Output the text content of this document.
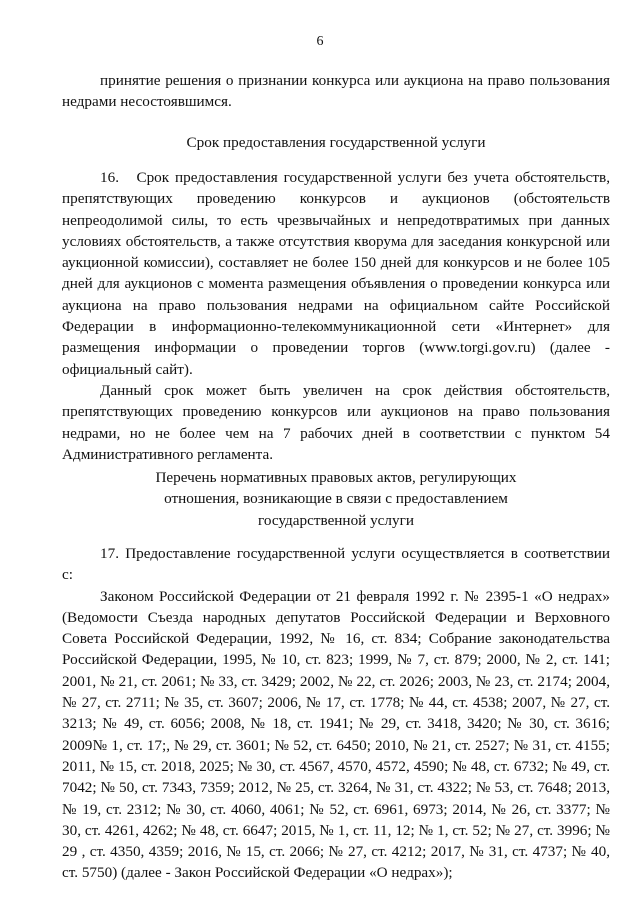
6

принятие решения о признании конкурса или аукциона на право пользования недрами несостоявшимся.

Срок предоставления государственной услуги

16.   Срок предоставления государственной услуги без учета обстоятельств, препятствующих проведению конкурсов и аукционов (обстоятельств непреодолимой силы, то есть чрезвычайных и непредотвратимых при данных условиях обстоятельств, а также отсутствия кворума для заседания конкурсной или аукционной комиссии), составляет не более 150 дней для конкурсов и не более 105 дней для аукционов с момента размещения объявления о проведении конкурса или аукциона на право пользования недрами на официальном сайте Российской Федерации в информационно-телекоммуникационной сети «Интернет» для размещения информации о проведении торгов (www.torgi.gov.ru) (далее - официальный сайт).

Данный срок может быть увеличен на срок действия обстоятельств, препятствующих проведению конкурсов или аукционов на право пользования недрами, но не более чем на 7 рабочих дней в соответствии с пунктом 54 Административного регламента.

Перечень нормативных правовых актов, регулирующих
отношения, возникающие в связи с предоставлением
государственной услуги

17. Предоставление государственной услуги осуществляется в соответствии с:

Законом Российской Федерации от 21 февраля 1992 г. № 2395-1 «О недрах» (Ведомости Съезда народных депутатов Российской Федерации и Верховного Совета Российской Федерации, 1992, № 16, ст. 834; Собрание законодательства Российской Федерации, 1995, № 10, ст. 823; 1999, № 7, ст. 879; 2000, № 2, ст. 141; 2001, № 21, ст. 2061; № 33, ст. 3429; 2002, № 22, ст. 2026; 2003, № 23, ст. 2174; 2004, № 27, ст. 2711; № 35, ст. 3607; 2006, № 17, ст. 1778; № 44, ст. 4538; 2007, № 27, ст. 3213; № 49, ст. 6056; 2008, № 18, ст. 1941; № 29, ст. 3418, 3420; № 30, ст. 3616; 2009№ 1, ст. 17;, № 29, ст. 3601; № 52, ст. 6450; 2010, № 21, ст. 2527; № 31, ст. 4155; 2011, № 15, ст. 2018, 2025; № 30, ст. 4567, 4570, 4572, 4590; № 48, ст. 6732; № 49, ст. 7042; № 50, ст. 7343, 7359; 2012, № 25, ст. 3264, № 31, ст. 4322; № 53, ст. 7648; 2013, № 19, ст. 2312; № 30, ст. 4060, 4061; № 52, ст. 6961, 6973; 2014, № 26, ст. 3377; № 30, ст. 4261, 4262; № 48, ст. 6647; 2015, № 1, ст. 11, 12; № 1, ст. 52; № 27, ст. 3996; № 29 , ст. 4350, 4359; 2016, № 15, ст. 2066; № 27, ст. 4212; 2017, № 31, ст. 4737; № 40, ст. 5750) (далее - Закон Российской Федерации «О недрах»);
